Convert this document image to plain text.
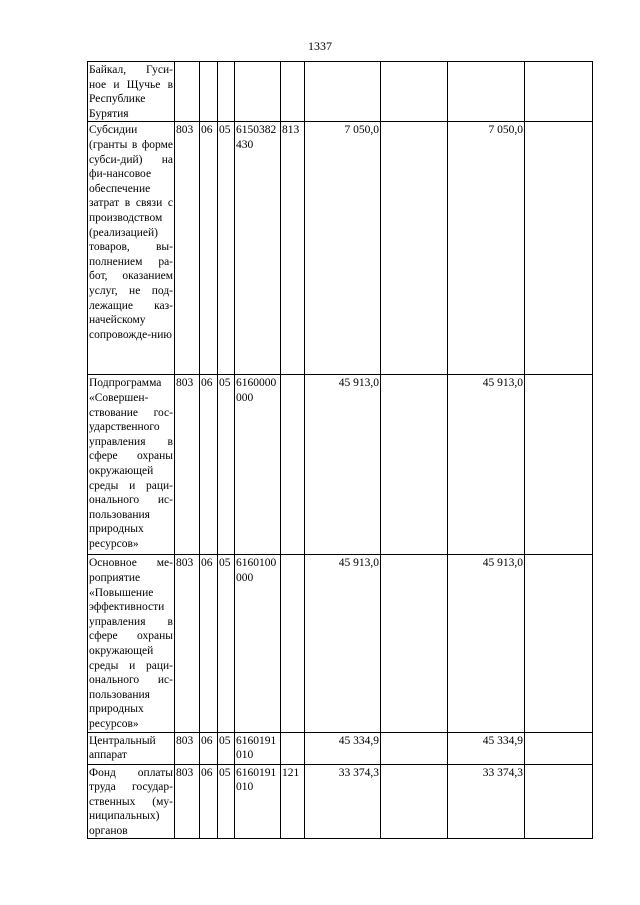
1337
Байкал, Гуси-ное и Щучье в Республике Бурятия									
Субсидии (гранты в форме субси-дий) на фи-нансовое обеспечение затрат в связи с производством (реализацией) товаров, вы-полнением ра-бот, оказанием услуг, не под-лежащие каз-начейскому сопровожде-нию	803	06	05	6150382430	813	7 050,0		7 050,0	
Подпрограмма «Совершен-ствование гос-ударственного управления в сфере охраны окружающей среды и раци-онального ис-пользования природных ресурсов»	803	06	05	6160000000		45 913,0		45 913,0	
Основное ме-роприятие «Повышение эффективности управления в сфере охраны окружающей среды и раци-онального ис-пользования природных ресурсов»	803	06	05	6160100000		45 913,0		45 913,0	
Центральный аппарат	803	06	05	6160191010		45 334,9		45 334,9	
Фонд оплаты труда государ-ственных (му-ниципальных) органов	803	06	05	6160191010	121	33 374,3		33 374,3	
